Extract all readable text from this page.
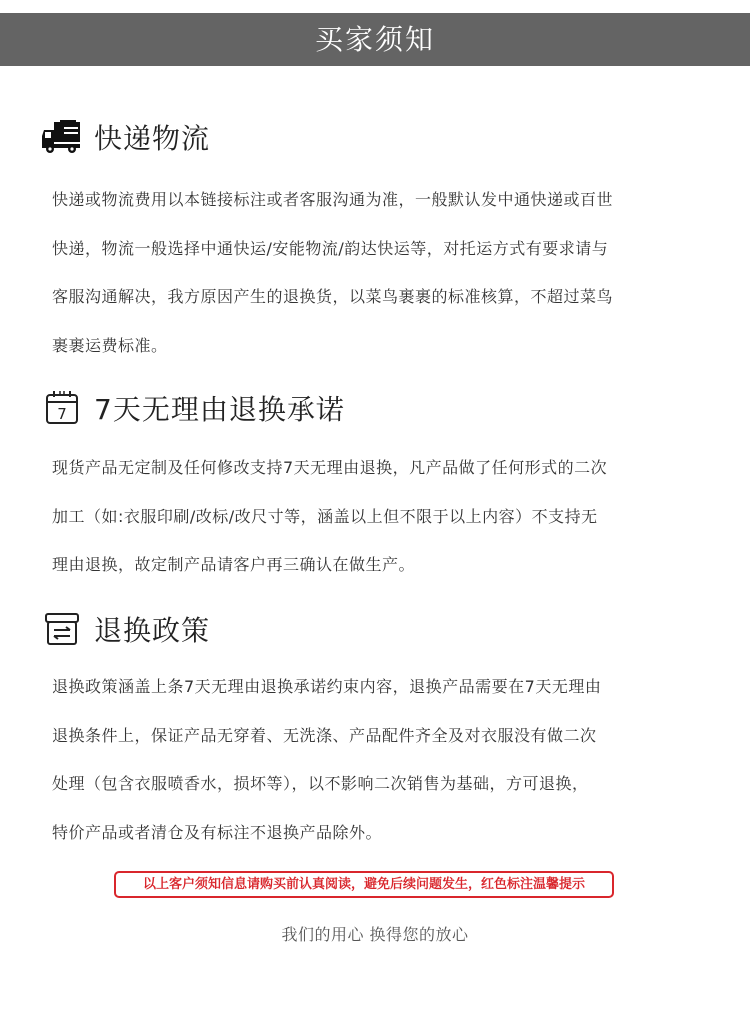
买家须知
快递物流
快递或物流费用以本链接标注或者客服沟通为准，一般默认发中通快递或百世
快递，物流一般选择中通快运/安能物流/韵达快运等，对托运方式有要求请与
客服沟通解决，我方原因产生的退换货，以菜鸟裹裹的标准核算，不超过菜鸟
裹裹运费标准。
7 7天无理由退换承诺
现货产品无定制及任何修改支持7天无理由退换，凡产品做了任何形式的二次
加工（如:衣服印刷/改标/改尺寸等，涵盖以上但不限于以上内容）不支持无
理由退换，故定制产品请客户再三确认在做生产。
退换政策
退换政策涵盖上条7天无理由退换承诺约束内容，退换产品需要在7天无理由
退换条件上，保证产品无穿着、无洗涤、产品配件齐全及对衣服没有做二次
处理（包含衣服喷香水，损坏等），以不影响二次销售为基础，方可退换，
特价产品或者清仓及有标注不退换产品除外。
以上客户须知信息请购买前认真阅读，避免后续问题发生，红色标注温馨提示
我们的用心 换得您的放心
